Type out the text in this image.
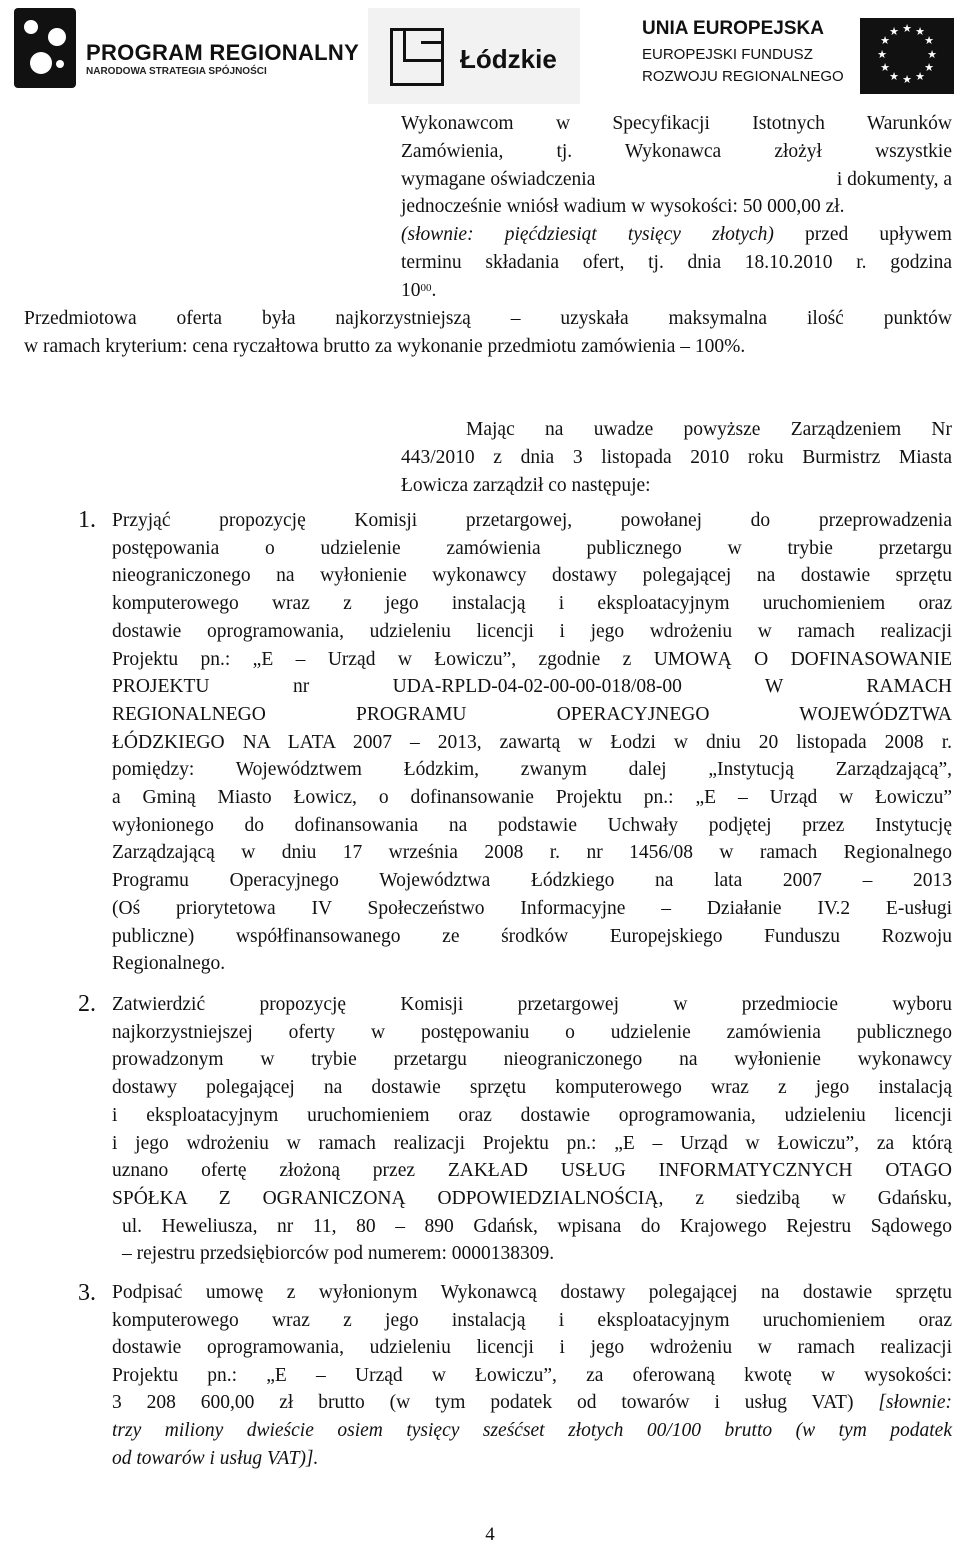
PROGRAM REGIONALNY
NARODOWA STRATEGIA SPÓJNOŚCI	Łódzkie
UNIA EUROPEJSKA
EUROPEJSKI FUNDUSZ
ROZWOJU REGIONALNEGO
★ ★
★
★
★
★
★
★
★
★
★
★
Wykonawcom w Specyfikacji Istotnych Warunków
Zamówienia, tj. Wykonawca złożył wszystkie
wymagane oświadczenia	i dokumenty, a
jednocześnie wniósł wadium w wysokości: 50 000,00 zł.
(słownie: pięćdziesiąt tysięcy złotych) przed upływem
terminu składania ofert, tj. dnia 18.10.2010 r. godzina
$10^{00}$.
Przedmiotowa oferta była najkorzystniejszą – uzyskała maksymalna ilość punktów
w ramach kryterium: cena ryczałtowa brutto za wykonanie przedmiotu zamówienia – 100%.
Mając na uwadze powyższe Zarządzeniem Nr
443/2010 z dnia 3 listopada 2010 roku Burmistrz Miasta
Łowicza zarządził co następuje:
1. Przyjąć propozycję Komisji przetargowej, powołanej do przeprowadzenia
postępowania o udzielenie zamówienia publicznego w trybie przetargu
nieograniczonego na wyłonienie wykonawcy dostawy polegającej na dostawie sprzętu
komputerowego wraz z jego instalacją i eksploatacyjnym uruchomieniem oraz
dostawie oprogramowania, udzieleniu licencji i jego wdrożeniu w ramach realizacji
Projektu pn.: „E – Urząd w Łowiczu”, zgodnie z UMOWĄ O DOFINASOWANIE
PROJEKTU nr UDA-RPLD-04-02-00-00-018/08-00 W RAMACH
REGIONALNEGO PROGRAMU OPERACYJNEGO WOJEWÓDZTWA
ŁÓDZKIEGO NA LATA 2007 – 2013, zawartą w Łodzi w dniu 20 listopada 2008 r.
pomiędzy: Województwem Łódzkim, zwanym dalej „Instytucją Zarządzającą”,
a Gminą Miasto Łowicz, o dofinansowanie Projektu pn.: „E – Urząd w Łowiczu”
wyłonionego do dofinansowania na podstawie Uchwały podjętej przez Instytucję
Zarządzającą w dniu 17 września 2008 r. nr 1456/08 w ramach Regionalnego
Programu Operacyjnego Województwa Łódzkiego na lata 2007 – 2013
(Oś priorytetowa IV Społeczeństwo Informacyjne – Działanie IV.2 E-usługi
publiczne) współfinansowanego ze środków Europejskiego Funduszu Rozwoju
Regionalnego.
2. Zatwierdzić propozycję Komisji przetargowej w przedmiocie wyboru
najkorzystniejszej oferty w postępowaniu o udzielenie zamówienia publicznego
prowadzonym w trybie przetargu nieograniczonego na wyłonienie wykonawcy
dostawy polegającej na dostawie sprzętu komputerowego wraz z jego instalacją
i eksploatacyjnym uruchomieniem oraz dostawie oprogramowania, udzieleniu licencji
i jego wdrożeniu w ramach realizacji Projektu pn.: „E – Urząd w Łowiczu”, za którą
uznano ofertę złożoną przez ZAKŁAD USŁUG INFORMATYCZNYCH OTAGO
SPÓŁKA Z OGRANICZONĄ ODPOWIEDZIALNOŚCIĄ, z siedzibą w Gdańsku,
ul. Heweliusza, nr 11, 80 – 890 Gdańsk, wpisana do Krajowego Rejestru Sądowego
– rejestru przedsiębiorców pod numerem: 0000138309.
3. Podpisać umowę z wyłonionym Wykonawcą dostawy polegającej na dostawie sprzętu
komputerowego wraz z jego instalacją i eksploatacyjnym uruchomieniem oraz
dostawie oprogramowania, udzieleniu licencji i jego wdrożeniu w ramach realizacji
Projektu pn.: „E – Urząd w Łowiczu”, za oferowaną kwotę w wysokości:
3 208 600,00 zł brutto (w tym podatek od towarów i usług VAT) [słownie:
trzy miliony dwieście osiem tysięcy sześćset złotych 00/100 brutto (w tym podatek
od towarów i usług VAT)].
4
